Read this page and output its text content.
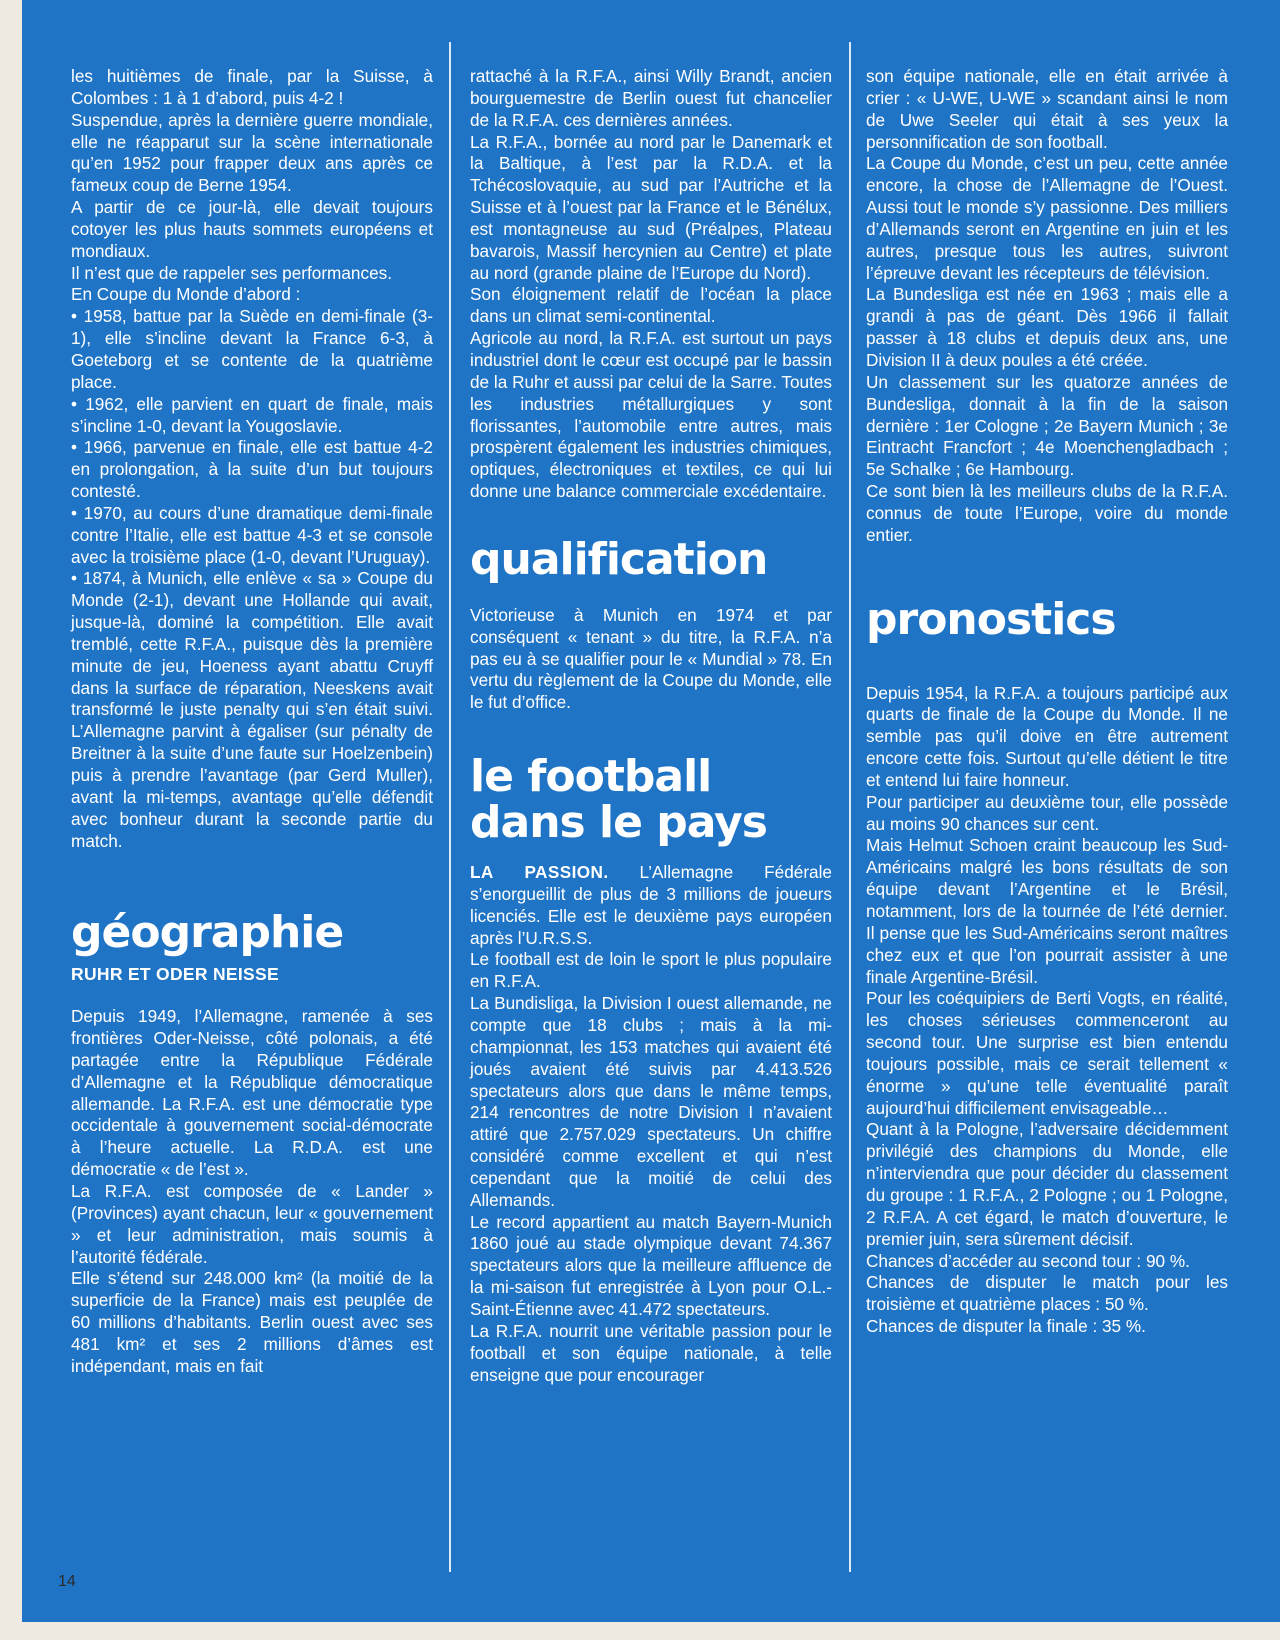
les huitièmes de finale, par la Suisse, à Colombes : 1 à 1 d’abord, puis 4-2 !

Suspendue, après la dernière guerre mondiale, elle ne réapparut sur la scène internationale qu’en 1952 pour frapper deux ans après ce fameux coup de Berne 1954.

A partir de ce jour-là, elle devait toujours cotoyer les plus hauts sommets européens et mondiaux.

Il n’est que de rappeler ses performances.

En Coupe du Monde d’abord :

• 1958, battue par la Suède en demi-finale (3-1), elle s’incline devant la France 6-3, à Goeteborg et se contente de la quatrième place.

• 1962, elle parvient en quart de finale, mais s’incline 1-0, devant la Yougoslavie.

• 1966, parvenue en finale, elle est battue 4-2 en prolongation, à la suite d’un but toujours contesté.

• 1970, au cours d’une dramatique demi-finale contre l’Italie, elle est battue 4-3 et se console avec la troisième place (1-0, devant l’Uruguay).

• 1874, à Munich, elle enlève « sa » Coupe du Monde (2-1), devant une Hollande qui avait, jusque-là, dominé la compétition. Elle avait tremblé, cette R.F.A., puisque dès la première minute de jeu, Hoeness ayant abattu Cruyff dans la surface de réparation, Neeskens avait transformé le juste penalty qui s’en était suivi. L’Allemagne parvint à égaliser (sur pénalty de Breitner à la suite d’une faute sur Hoelzenbein) puis à prendre l’avantage (par Gerd Muller), avant la mi-temps, avantage qu’elle défendit avec bonheur durant la seconde partie du match.

géographie

RUHR ET ODER NEISSE

Depuis 1949, l’Allemagne, ramenée à ses frontières Oder-Neisse, côté polonais, a été partagée entre la République Fédérale d’Allemagne et la République démocratique allemande. La R.F.A. est une démocratie type occidentale à gouvernement social-démocrate à l’heure actuelle. La R.D.A. est une démocratie « de l’est ».

La R.F.A. est composée de « Lander » (Provinces) ayant chacun, leur « gouvernement » et leur administration, mais soumis à l’autorité fédérale.

Elle s’étend sur 248.000 km² (la moitié de la superficie de la France) mais est peuplée de 60 millions d’habitants. Berlin ouest avec ses 481 km² et ses 2 millions d’âmes est indépendant, mais en fait

rattaché à la R.F.A., ainsi Willy Brandt, ancien bourguemestre de Berlin ouest fut chancelier de la R.F.A. ces dernières années.

La R.F.A., bornée au nord par le Danemark et la Baltique, à l’est par la R.D.A. et la Tchécoslovaquie, au sud par l’Autriche et la Suisse et à l’ouest par la France et le Bénélux, est montagneuse au sud (Préalpes, Plateau bavarois, Massif hercynien au Centre) et plate au nord (grande plaine de l’Europe du Nord).

Son éloignement relatif de l’océan la place dans un climat semi-continental.

Agricole au nord, la R.F.A. est surtout un pays industriel dont le cœur est occupé par le bassin de la Ruhr et aussi par celui de la Sarre. Toutes les industries métallurgiques y sont florissantes, l’automobile entre autres, mais prospèrent également les industries chimiques, optiques, électroniques et textiles, ce qui lui donne une balance commerciale excédentaire.

qualification

Victorieuse à Munich en 1974 et par conséquent « tenant » du titre, la R.F.A. n’a pas eu à se qualifier pour le « Mundial » 78. En vertu du règlement de la Coupe du Monde, elle le fut d’office.

le football
dans le pays

LA PASSION. L’Allemagne Fédérale s’enorgueillit de plus de 3 millions de joueurs licenciés. Elle est le deuxième pays européen après l’U.R.S.S.

Le football est de loin le sport le plus populaire en R.F.A.

La Bundisliga, la Division I ouest allemande, ne compte que 18 clubs ; mais à la mi-championnat, les 153 matches qui avaient été joués avaient été suivis par 4.413.526 spectateurs alors que dans le même temps, 214 rencontres de notre Division I n’avaient attiré que 2.757.029 spectateurs. Un chiffre considéré comme excellent et qui n’est cependant que la moitié de celui des Allemands.

Le record appartient au match Bayern-Munich 1860 joué au stade olympique devant 74.367 spectateurs alors que la meilleure affluence de la mi-saison fut enregistrée à Lyon pour O.L.-Saint-Étienne avec 41.472 spectateurs.

La R.F.A. nourrit une véritable passion pour le football et son équipe nationale, à telle enseigne que pour encourager

son équipe nationale, elle en était arrivée à crier : « U-WE, U-WE » scandant ainsi le nom de Uwe Seeler qui était à ses yeux la personnification de son football.

La Coupe du Monde, c’est un peu, cette année encore, la chose de l’Allemagne de l’Ouest. Aussi tout le monde s’y passionne. Des milliers d’Allemands seront en Argentine en juin et les autres, presque tous les autres, suivront l’épreuve devant les récepteurs de télévision.

La Bundesliga est née en 1963 ; mais elle a grandi à pas de géant. Dès 1966 il fallait passer à 18 clubs et depuis deux ans, une Division II à deux poules a été créée.

Un classement sur les quatorze années de Bundesliga, donnait à la fin de la saison dernière : 1er Cologne ; 2e Bayern Munich ; 3e Eintracht Francfort ; 4e Moenchengladbach ; 5e Schalke ; 6e Hambourg.

Ce sont bien là les meilleurs clubs de la R.F.A. connus de toute l’Europe, voire du monde entier.

pronostics

Depuis 1954, la R.F.A. a toujours participé aux quarts de finale de la Coupe du Monde. Il ne semble pas qu’il doive en être autrement encore cette fois. Surtout qu’elle détient le titre et entend lui faire honneur.

Pour participer au deuxième tour, elle possède au moins 90 chances sur cent.

Mais Helmut Schoen craint beaucoup les Sud-Américains malgré les bons résultats de son équipe devant l’Argentine et le Brésil, notamment, lors de la tournée de l’été dernier. Il pense que les Sud-Américains seront maîtres chez eux et que l’on pourrait assister à une finale Argentine-Brésil.

Pour les coéquipiers de Berti Vogts, en réalité, les choses sérieuses commenceront au second tour. Une surprise est bien entendu toujours possible, mais ce serait tellement « énorme » qu’une telle éventualité paraît aujourd’hui difficilement envisageable…

Quant à la Pologne, l’adversaire décidemment privilégié des champions du Monde, elle n’interviendra que pour décider du classement du groupe : 1 R.F.A., 2 Pologne ; ou 1 Pologne, 2 R.F.A. A cet égard, le match d’ouverture, le premier juin, sera sûrement décisif.

Chances d’accéder au second tour : 90 %.

Chances de disputer le match pour les troisième et quatrième places : 50 %.

Chances de disputer la finale : 35 %.

14
